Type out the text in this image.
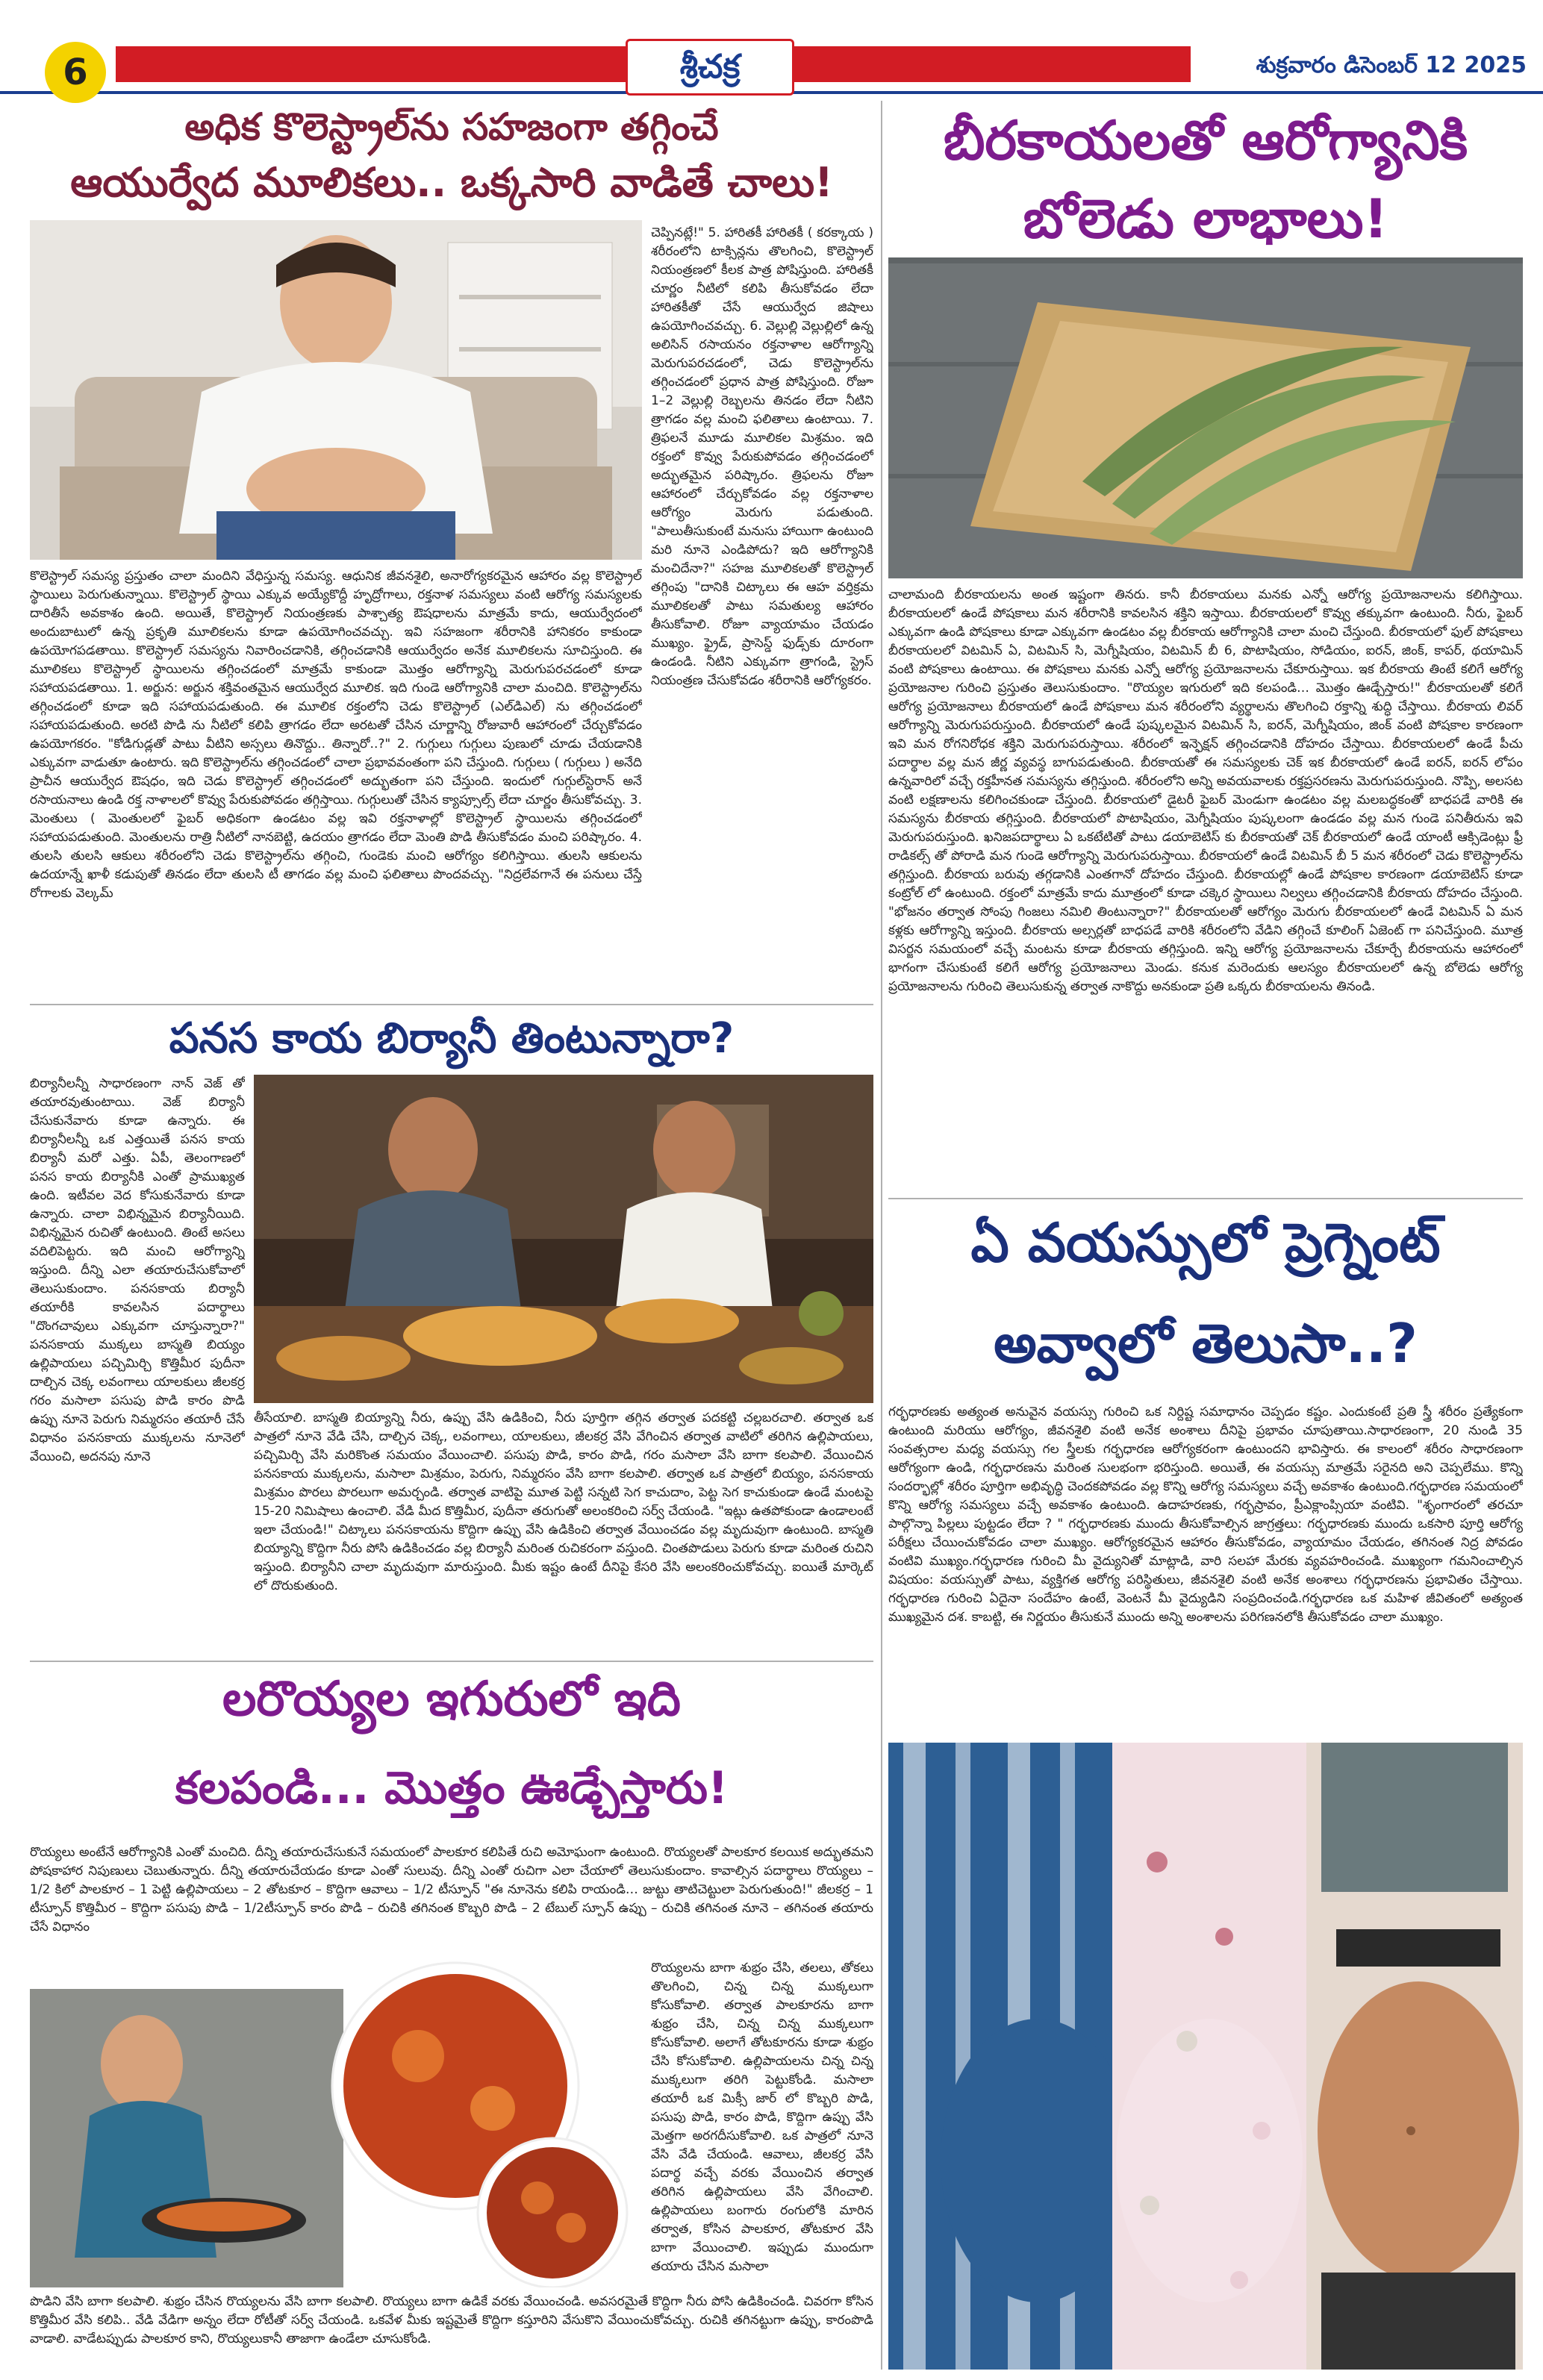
6	శ్రీచక్ర	శుక్రవారం డిసెంబర్ 12 2025
అధిక కొలెస్ట్రాల్‌ను సహజంగా తగ్గించే
ఆయుర్వేద మూలికలు.. ఒక్కసారి వాడితే చాలు!

చెప్పినట్లే!" 5. హారితకీ హారితకీ ( కరక్కాయ ) శరీరంలోని టాక్సిన్లను తొలగించి, కొలెస్ట్రాల్ నియంత్రణలో కీలక పాత్ర పోషిస్తుంది. హారితకీ చూర్ణం నీటిలో కలిపి తీసుకోవడం లేదా హారితకీతో చేసే ఆయుర్వేద జిషాలు ఉపయోగించవచ్చు. 6. వెల్లుల్లి వెల్లుల్లిలో ఉన్న అలిసిన్ రసాయనం రక్తనాళాల ఆరోగ్యాన్ని మెరుగుపరచడంలో, చెడు కొలెస్ట్రాల్‌ను తగ్గించడంలో ప్రధాన పాత్ర పోషిస్తుంది. రోజూ 1–2 వెల్లుల్లి రెబ్బలను తినడం లేదా నీటిని త్రాగడం వల్ల మంచి ఫలితాలు ఉంటాయి. 7. త్రిఫలనే మూడు మూలికల మిశ్రమం. ఇది రక్తంలో కొవ్వు పేరుకుపోవడం తగ్గించడంలో అద్భుతమైన పరిష్కారం. త్రిఫలను రోజూ ఆహారంలో చేర్చుకోవడం వల్ల రక్తనాళాల ఆరోగ్యం మెరుగు పడుతుంది. "పాలుతీసుకుంటే మనుసు హాయిగా ఉంటుంది మరి నూనె ఎండిపోదు? ఇది ఆరోగ్యానికి మంచిదేనా?" సహజ మూలికలతో కొలెస్ట్రాల్ తగ్గింపు "దానికి చిట్కాలు ఈ ఆహ వర్తిక్రమ మూలికలతో పాటు సమతుల్య ఆహారం తీసుకోవాలి. రోజూ వ్యాయామం చేయడం ముఖ్యం. ఫ్రైడ్, ప్రాసెస్డ్ ఫుడ్స్‌కు దూరంగా ఉండండి. నీటిని ఎక్కువగా త్రాగండి, స్ట్రెస్ నియంత్రణ చేసుకోవడం శరీరానికి ఆరోగ్యకరం.

కొలెస్ట్రాల్ సమస్య ప్రస్తుతం చాలా మందిని వేధిస్తున్న సమస్య. ఆధునిక జీవనశైలి, అనారోగ్యకరమైన ఆహారం వల్ల కొలెస్ట్రాల్ స్థాయిలు పెరుగుతున్నాయి. కొలెస్ట్రాల్ స్థాయి ఎక్కువ అయ్యేకొద్దీ హృద్రోగాలు, రక్తనాళ సమస్యలు వంటి ఆరోగ్య సమస్యలకు దారితీసే అవకాశం ఉంది. అయితే, కొలెస్ట్రాల్ నియంత్రణకు పాశ్చాత్య ఔషధాలను మాత్రమే కాదు, ఆయుర్వేదంలో అందుబాటులో ఉన్న ప్రకృతి మూలికలను కూడా ఉపయోగించవచ్చు. ఇవి సహజంగా శరీరానికి హానికరం కాకుండా ఉపయోగపడతాయి. కొలెస్ట్రాల్ సమస్యను నివారించడానికి, తగ్గించడానికి ఆయుర్వేదం అనేక మూలికలను సూచిస్తుంది. ఈ మూలికలు కొలెస్ట్రాల్ స్థాయిలను తగ్గించడంలో మాత్రమే కాకుండా మొత్తం ఆరోగ్యాన్ని మెరుగుపరచడంలో కూడా సహాయపడతాయి. 1. అర్జున: అర్జున శక్తివంతమైన ఆయుర్వేద మూలిక. ఇది గుండె ఆరోగ్యానికి చాలా మంచిది. కొలెస్ట్రాల్‌ను తగ్గించడంలో కూడా ఇది సహాయపడుతుంది. ఈ మూలిక రక్తంలోని చెడు కొలెస్ట్రాల్ (ఎల్‌డిఎల్) ను తగ్గించడంలో సహాయపడుతుంది. అరటి పొడి ను నీటిలో కలిపి త్రాగడం లేదా అరటతో చేసిన చూర్ణాన్ని రోజువారీ ఆహారంలో చేర్చుకోవడం ఉపయోగకరం. "కోడిగుడ్లతో పాటు వీటిని అస్సలు తినొద్దు.. తిన్నారో..?" 2. గుగ్గులు గుగ్గులు పుణులో చూడు చేయడానికి ఎక్కువగా వాడుతూ ఉంటారు. ఇది కొలెస్ట్రాల్‌ను తగ్గించడంలో చాలా ప్రభావవంతంగా పని చేస్తుంది. గుగ్గులు ( గుగ్గులు ) అనేది ప్రాచీన ఆయుర్వేద ఔషధం, ఇది చెడు కొలెస్ట్రాల్ తగ్గించడంలో అద్భుతంగా పని చేస్తుంది. ఇందులో గుగ్గుల్‌స్టెరాన్ అనే రసాయనాలు ఉండి రక్త నాళాలలో కొవ్వు పేరుకుపోవడం తగ్గిస్తాయి. గుగ్గులుతో చేసిన క్యాప్సూల్స్ లేదా చూర్ణం తీసుకోవచ్చు. 3. మెంతులు ( మెంతులలో ఫైబర్ అధికంగా ఉండటం వల్ల ఇవి రక్తనాళాల్లో కొలెస్ట్రాల్ స్థాయిలను తగ్గించడంలో సహాయపడుతుంది. మెంతులను రాత్రి నీటిలో నానబెట్టి, ఉదయం త్రాగడం లేదా మెంతి పొడి తీసుకోవడం మంచి పరిష్కారం. 4. తులసి తులసి ఆకులు శరీరంలోని చెడు కొలెస్ట్రాల్‌ను తగ్గించి, గుండెకు మంచి ఆరోగ్యం కలిగిస్తాయి. తులసి ఆకులను ఉదయాన్నే ఖాళీ కడుపుతో తినడం లేదా తులసి టీ తాగడం వల్ల మంచి ఫలితాలు పొందవచ్చు. "నిద్రలేవగానే ఈ పనులు చేస్తే రోగాలకు వెల్కమ్

పనస కాయ బిర్యానీ తింటున్నారా?

బిర్యానీలన్నీ సాధారణంగా నాన్ వెజ్ తో తయారవుతుంటాయి. వెజ్ బిర్యానీ చేసుకునేవారు కూడా ఉన్నారు. ఈ బిర్యానీలన్నీ ఒక ఎత్తయితే పనస కాయ బిర్యానీ మరో ఎత్తు. ఏపీ, తెలంగాణలో పనస కాయ బిర్యానీకి ఎంతో ప్రాముఖ్యత ఉంది. ఇటీవల వెద కోసుకునేవారు కూడా ఉన్నారు. చాలా విభిన్నమైన బిర్యానీయిది. విభిన్నమైన రుచితో ఉంటుంది. తింటే అసలు వదిలిపెట్టరు. ఇది మంచి ఆరోగ్యాన్ని ఇస్తుంది. దీన్ని ఎలా తయారుచేసుకోవాలో తెలుసుకుందాం. పనసకాయ బిర్యానీ తయారీకి కావలసిన పదార్థాలు "దొంగచావులు ఎక్కువగా చూస్తున్నారా?" పనసకాయ ముక్కలు బాస్మతి బియ్యం ఉల్లిపాయలు పచ్చిమిర్చి కొత్తిమీర పుదీనా దాల్చిన చెక్క లవంగాలు యాలకులు జీలకర్ర గరం మసాలా పసుపు పొడి కారం పొడి ఉప్పు నూనె పెరుగు నిమ్మరసం తయారీ చేసే విధానం పనసకాయ ముక్కలను నూనెలో వేయించి, అదనపు నూనె

తీసేయాలి. బాస్మతి బియ్యాన్ని నీరు, ఉప్పు వేసి ఉడికించి, నీరు పూర్తిగా తగ్గిన తర్వాత పదకట్టి చల్లబరచాలి. తర్వాత ఒక పాత్రలో నూనె వేడి చేసి, దాల్చిన చెక్క, లవంగాలు, యాలకులు, జీలకర్ర వేసి వేగించిన తర్వాత వాటిలో తరిగిన ఉల్లిపాయలు, పచ్చిమిర్చి వేసి మరికొంత సమయం వేయించాలి. పసుపు పొడి, కారం పొడి, గరం మసాలా వేసి బాగా కలపాలి. వేయించిన పనసకాయ ముక్కలను, మసాలా మిశ్రమం, పెరుగు, నిమ్మరసం వేసి బాగా కలపాలి. తర్వాత ఒక పాత్రలో బియ్యం, పనసకాయ మిశ్రమం పొరలు పొరలుగా అమర్చండి. తర్వాత వాటిపై మూత పెట్టి సన్నటి సెగ కాచుదాం, పెట్ట సెగ కాచుకుండా ఉండే మంటపై 15-20 నిమిషాలు ఉంచాలి. వేడి మీద కొత్తిమీర, పుదీనా తరుగుతో అలంకరించి సర్వ్ చేయండి. "ఇట్లు ఉతపోకుండా ఉండాలంటే ఇలా చేయండి!" చిట్కాలు పనసకాయను కొద్దిగా ఉప్పు వేసి ఉడికించి తర్వాత వేయించడం వల్ల మృదువుగా ఉంటుంది. బాస్మతి బియ్యాన్ని కొద్దిగా నీరు పోసి ఉడికించడం వల్ల బిర్యానీ మరింత రుచికరంగా వస్తుంది. చింతపొడులు పెరుగు కూడా మరింత రుచిని ఇస్తుంది. బిర్యానీని చాలా మృదువుగా మారుస్తుంది. మీకు ఇష్టం ఉంటే దీనిపై కేసరి వేసి అలంకరించుకోవచ్చు. ఐయితే మార్కెట్ లో దొరుకుతుంది.

లరొయ్యల ఇగురులో ఇది
కలపండి... మొత్తం ఊడ్చేస్తారు!

రొయ్యలు అంటేనే ఆరోగ్యానికి ఎంతో మంచిది. దీన్ని తయారుచేసుకునే సమయంలో పాలకూర కలిపితే రుచి అమోఘంగా ఉంటుంది. రొయ్యలతో పాలకూర కలయిక అద్భుతమని పోషకాహార నిపుణులు చెబుతున్నారు. దీన్ని తయారుచేయడం కూడా ఎంతో సులువు. దీన్ని ఎంతో రుచిగా ఎలా చేయాలో తెలుసుకుందాం. కావాల్సిన పదార్థాలు రొయ్యలు – 1/2 కిలో పాలకూర – 1 పెట్టి ఉల్లిపాయలు – 2 తోటకూర – కొద్దిగా ఆవాలు – 1/2 టీస్పూన్ "ఈ నూనెను కలిపి రాయండి… జుట్టు తాటిచెట్టులా పెరుగుతుంది!" జీలకర్ర – 1 టీస్పూన్ కొత్తిమీర – కొద్దిగా పసుపు పొడి – 1/2టీస్పూన్ కారం పొడి – రుచికి తగినంత కొబ్బరి పొడి – 2 టేబుల్ స్పూన్ ఉప్పు – రుచికి తగినంత నూనె – తగినంత తయారు చేసే విధానం

రొయ్యలను బాగా శుభ్రం చేసి, తలలు, తోకలు తొలగించి, చిన్న చిన్న ముక్కలుగా కోసుకోవాలి. తర్వాత పాలకూరను బాగా శుభ్రం చేసి, చిన్న చిన్న ముక్కలుగా కోసుకోవాలి. అలాగే తోటకూరను కూడా శుభ్రం చేసి కోసుకోవాలి. ఉల్లిపాయలను చిన్న చిన్న ముక్కలుగా తరిగి పెట్టుకోండి. మసాలా తయారీ ఒక మిక్సీ జార్ లో కొబ్బరి పొడి, పసుపు పొడి, కారం పొడి, కొద్దిగా ఉప్పు వేసి మెత్తగా అరగదీసుకోవాలి. ఒక పాత్రలో నూనె వేసి వేడి చేయండి. ఆవాలు, జీలకర్ర వేసి పదార్థ వచ్చే వరకు వేయించిన తర్వాత తరిగిన ఉల్లిపాయలు వేసి వేగించాలి. ఉల్లిపాయలు బంగారు రంగులోకి మారిన తర్వాత, కోసిన పాలకూర, తోటకూర వేసి బాగా వేయించాలి. ఇప్పుడు ముందుగా తయారు చేసిన మసాలా

పొడిని వేసి బాగా కలపాలి. శుభ్రం చేసిన రొయ్యలను వేసి బాగా కలపాలి. రొయ్యలు బాగా ఉడికే వరకు వేయించండి. అవసరమైతే కొద్దిగా నీరు పోసి ఉడికించండి. చివరగా కోసిన కొత్తిమీర వేసి కలిపి.. వేడి వేడిగా అన్నం లేదా రోటీతో సర్వ్ చేయండి. ఒకవేళ మీకు ఇష్టమైతే కొద్దిగా కస్తూరిని వేసుకొని వేయించుకోవచ్చు. రుచికి తగినట్టుగా ఉప్పు, కారంపొడి వాడాలి. వాడేటప్పుడు పాలకూర కాని, రొయ్యలుకానీ తాజాగా ఉండేలా చూసుకోండి.

బీరకాయలతో ఆరోగ్యానికి
బోలెడు లాభాలు!

చాలామంది బీరకాయలను అంత ఇష్టంగా తినరు. కానీ బీరకాయలు మనకు ఎన్నో ఆరోగ్య ప్రయోజనాలను కలిగిస్తాయి. బీరకాయలలో ఉండే పోషకాలు మన శరీరానికి కావలసిన శక్తిని ఇస్తాయి. బీరకాయలలో కొవ్వు తక్కువగా ఉంటుంది. నీరు, ఫైబర్ ఎక్కువగా ఉండి పోషకాలు కూడా ఎక్కువగా ఉండటం వల్ల బీరకాయ ఆరోగ్యానికి చాలా మంచి చేస్తుంది. బీరకాయలో ఫుల్ పోషకాలు బీరకాయలలో విటమిన్ ఏ, విటమిన్ సి, మెగ్నీషియం, విటమిన్ బీ 6, పొటాషియం, సోడియం, ఐరన్, జింక్, కాపర్, థయామిన్ వంటి పోషకాలు ఉంటాయి. ఈ పోషకాలు మనకు ఎన్నో ఆరోగ్య ప్రయోజనాలను చేకూరుస్తాయి. ఇక బీరకాయ తింటే కలిగే ఆరోగ్య ప్రయోజనాల గురించి ప్రస్తుతం తెలుసుకుందాం. "రొయ్యల ఇగురులో ఇది కలపండి… మొత్తం ఊడ్చేస్తారు!" బీరకాయలతో కలిగే ఆరోగ్య ప్రయోజనాలు బీరకాయలో ఉండే పోషకాలు మన శరీరంలోని వ్యర్థాలను తొలగించి రక్తాన్ని శుద్ధి చేస్తాయి. బీరకాయ లివర్ ఆరోగ్యాన్ని మెరుగుపరుస్తుంది. బీరకాయలో ఉండే పుష్కలమైన విటమిన్ సి, ఐరన్, మెగ్నీషియం, జింక్ వంటి పోషకాల కారణంగా ఇవి మన రోగనిరోధక శక్తిని మెరుగుపరుస్తాయి. శరీరంలో ఇన్ఫెక్షన్ తగ్గించడానికి దోహదం చేస్తాయి. బీరకాయలలో ఉండే పీచు పదార్థాల వల్ల మన జీర్ణ వ్యవస్థ బాగుపడుతుంది. బీరకాయతో ఈ సమస్యలకు చెక్ ఇక బీరకాయలో ఉండే ఐరన్, ఐరన్ లోపం ఉన్నవారిలో వచ్చే రక్తహీనత సమస్యను తగ్గిస్తుంది. శరీరంలోని అన్ని అవయవాలకు రక్తప్రసరణను మెరుగుపరుస్తుంది. నొప్పి, అలసట వంటి లక్షణాలను కలిగించకుండా చేస్తుంది. బీరకాయలో డైటరీ ఫైబర్ మెండుగా ఉండటం వల్ల మలబద్ధకంతో బాధపడే వారికి ఈ సమస్యను బీరకాయ తగ్గిస్తుంది. బీరకాయలో పొటాషియం, మెగ్నీషియం పుష్కలంగా ఉండడం వల్ల మన గుండె పనితీరును ఇవి మెరుగుపరుస్తుంది. ఖనిజపదార్థాలు ఏ ఒకటేటితో పాటు డయాబెటిస్ కు బీరకాయతో చెక్ బీరకాయలో ఉండే యాంటీ ఆక్సిడెంట్లు ఫ్రీ రాడికల్స్ తో పోరాడి మన గుండె ఆరోగ్యాన్ని మెరుగుపరుస్తాయి. బీరకాయలో ఉండే విటమిన్ బీ 5 మన శరీరంలో చెడు కొలెస్ట్రాల్‌ను తగ్గిస్తుంది. బీరకాయ బరువు తగ్గడానికి ఎంతగానో దోహదం చేస్తుంది. బీరకాయల్లో ఉండే పోషకాల కారణంగా డయాబెటిస్ కూడా కంట్రోల్ లో ఉంటుంది. రక్తంలో మాత్రమే కాదు మూత్రంలో కూడా చక్కెర స్థాయిలు నిల్వలు తగ్గించడానికి బీరకాయ దోహదం చేస్తుంది. "భోజనం తర్వాత సోంపు గింజలు నమిలి తింటున్నారా?" బీరకాయలతో ఆరోగ్యం మెరుగు బీరకాయలలో ఉండే విటమిన్ ఏ మన కళ్లకు ఆరోగ్యాన్ని ఇస్తుంది. బీరకాయ అల్సర్లతో బాధపడే వారికి శరీరంలోని వేడిని తగ్గించే కూలింగ్ ఏజెంట్ గా పనిచేస్తుంది. మూత్ర విసర్జన సమయంలో వచ్చే మంటను కూడా బీరకాయ తగ్గిస్తుంది. ఇన్ని ఆరోగ్య ప్రయోజనాలను చేకూర్చే బీరకాయను ఆహారంలో భాగంగా చేసుకుంటే కలిగే ఆరోగ్య ప్రయోజనాలు మెండు. కనుక మరెందుకు ఆలస్యం బీరకాయలలో ఉన్న బోలెడు ఆరోగ్య ప్రయోజనాలను గురించి తెలుసుకున్న తర్వాత నాకొద్దు అనకుండా ప్రతి ఒక్కరు బీరకాయలను తినండి.

ఏ వయస్సులో ప్రెగ్నెంట్
అవ్వాలో తెలుసా..?

గర్భధారణకు అత్యంత అనువైన వయస్సు గురించి ఒక నిర్దిష్ట సమాధానం చెప్పడం కష్టం. ఎందుకంటే ప్రతి స్త్రీ శరీరం ప్రత్యేకంగా ఉంటుంది మరియు ఆరోగ్యం, జీవనశైలి వంటి అనేక అంశాలు దీనిపై ప్రభావం చూపుతాయి.సాధారణంగా, 20 నుండి 35 సంవత్సరాల మధ్య వయస్సు గల స్త్రీలకు గర్భధారణ ఆరోగ్యకరంగా ఉంటుందని భావిస్తారు. ఈ కాలంలో శరీరం సాధారణంగా ఆరోగ్యంగా ఉండి, గర్భధారణను మరింత సులభంగా భరిస్తుంది. అయితే, ఈ వయస్సు మాత్రమే సరైనది అని చెప్పలేము. కొన్ని సందర్భాల్లో శరీరం పూర్తిగా అభివృద్ధి చెందకపోవడం వల్ల కొన్ని ఆరోగ్య సమస్యలు వచ్చే అవకాశం ఉంటుంది.గర్భధారణ సమయంలో కొన్ని ఆరోగ్య సమస్యలు వచ్చే అవకాశం ఉంటుంది. ఉదాహరణకు, గర్భస్రావం, ప్రీఎక్లాంప్సియా వంటివి. "శృంగారంలో తరచూ పాల్గొన్నా పిల్లలు పుట్టడం లేదా ? " గర్భధారణకు ముందు తీసుకోవాల్సిన జాగ్రత్తలు: గర్భధారణకు ముందు ఒకసారి పూర్తి ఆరోగ్య పరీక్షలు చేయించుకోవడం చాలా ముఖ్యం. ఆరోగ్యకరమైన ఆహారం తీసుకోవడం, వ్యాయామం చేయడం, తగినంత నిద్ర పోవడం వంటివి ముఖ్యం.గర్భధారణ గురించి మీ వైద్యునితో మాట్లాడి, వారి సలహా మేరకు వ్యవహరించండి. ముఖ్యంగా గమనించాల్సిన విషయం: వయస్సుతో పాటు, వ్యక్తిగత ఆరోగ్య పరిస్థితులు, జీవనశైలి వంటి అనేక అంశాలు గర్భధారణను ప్రభావితం చేస్తాయి. గర్భధారణ గురించి ఏదైనా సందేహం ఉంటే, వెంటనే మీ వైద్యుడిని సంప్రదించండి.గర్భధారణ ఒక మహిళ జీవితంలో అత్యంత ముఖ్యమైన దశ. కాబట్టి, ఈ నిర్ణయం తీసుకునే ముందు అన్ని అంశాలను పరిగణనలోకి తీసుకోవడం చాలా ముఖ్యం.
